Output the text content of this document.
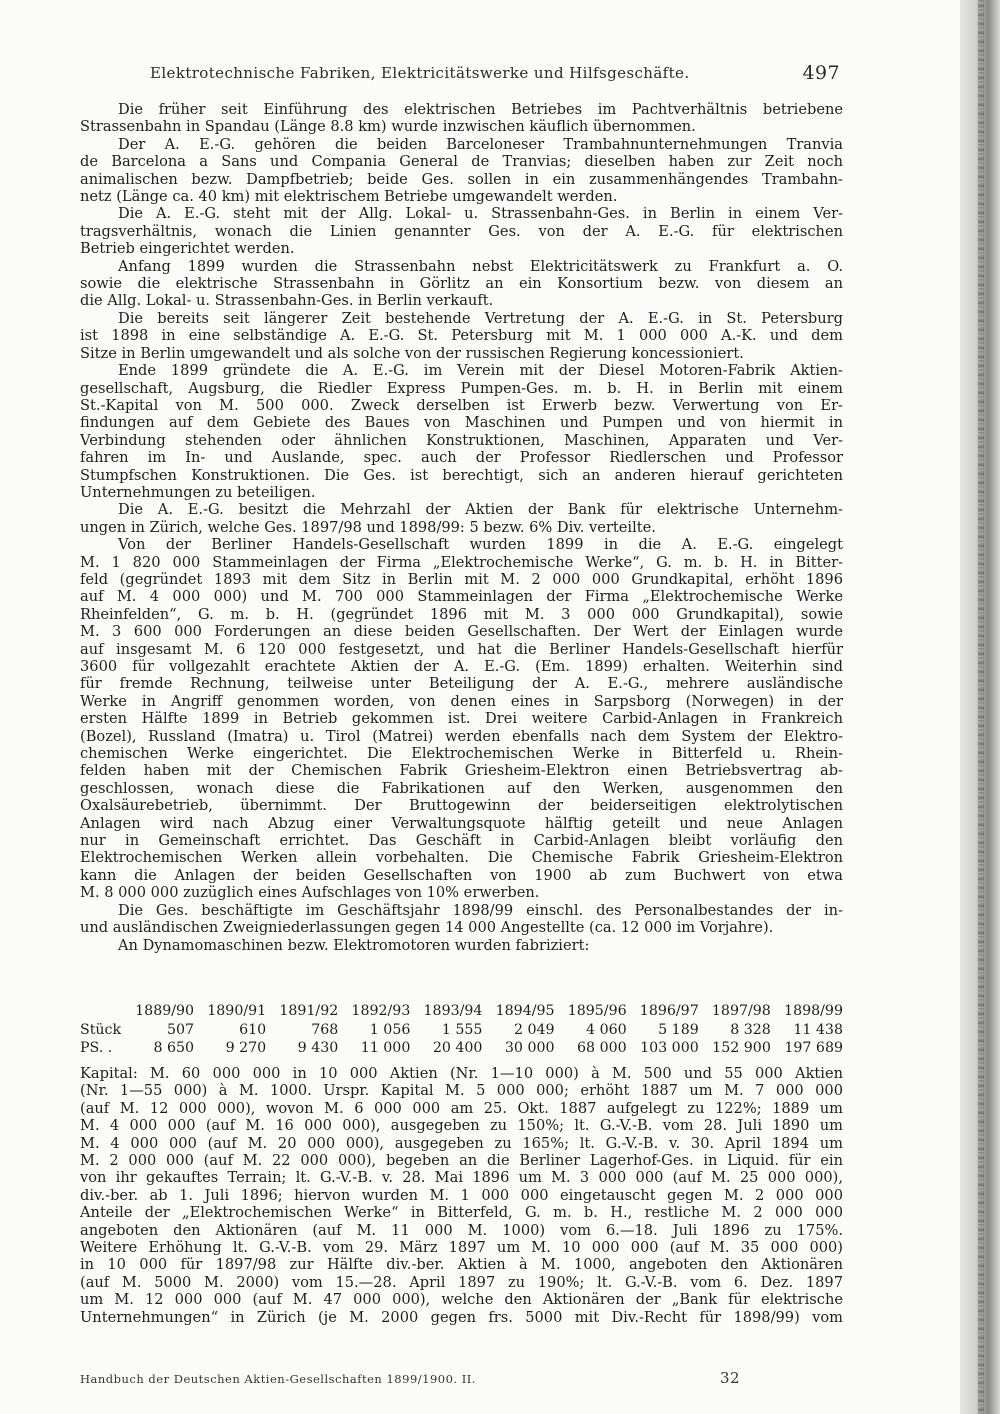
Elektrotechnische Fabriken, Elektricitätswerke und Hilfsgeschäfte.	497
Die früher seit Einführung des elektrischen Betriebes im Pachtverhältnis betriebene
Strassenbahn in Spandau (Länge 8.8 km) wurde inzwischen käuflich übernommen.
Der A. E.-G. gehören die beiden Barceloneser Trambahnunternehmungen Tranvia
de Barcelona a Sans und Compania General de Tranvias; dieselben haben zur Zeit noch
animalischen bezw. Dampfbetrieb; beide Ges. sollen in ein zusammenhängendes Trambahn-
netz (Länge ca. 40 km) mit elektrischem Betriebe umgewandelt werden.
Die A. E.-G. steht mit der Allg. Lokal- u. Strassenbahn-Ges. in Berlin in einem Ver-
tragsverhältnis, wonach die Linien genannter Ges. von der A. E.-G. für elektrischen
Betrieb eingerichtet werden.
Anfang 1899 wurden die Strassenbahn nebst Elektricitätswerk zu Frankfurt a. O.
sowie die elektrische Strassenbahn in Görlitz an ein Konsortium bezw. von diesem an
die Allg. Lokal- u. Strassenbahn-Ges. in Berlin verkauft.
Die bereits seit längerer Zeit bestehende Vertretung der A. E.-G. in St. Petersburg
ist 1898 in eine selbständige A. E.-G. St. Petersburg mit M. 1 000 000 A.-K. und dem
Sitze in Berlin umgewandelt und als solche von der russischen Regierung koncessioniert.
Ende 1899 gründete die A. E.-G. im Verein mit der Diesel Motoren-Fabrik Aktien-
gesellschaft, Augsburg, die Riedler Express Pumpen-Ges. m. b. H. in Berlin mit einem
St.-Kapital von M. 500 000. Zweck derselben ist Erwerb bezw. Verwertung von Er-
findungen auf dem Gebiete des Baues von Maschinen und Pumpen und von hiermit in
Verbindung stehenden oder ähnlichen Konstruktionen, Maschinen, Apparaten und Ver-
fahren im In- und Auslande, spec. auch der Professor Riedlerschen und Professor
Stumpfschen Konstruktionen. Die Ges. ist berechtigt, sich an anderen hierauf gerichteten
Unternehmungen zu beteiligen.
Die A. E.-G. besitzt die Mehrzahl der Aktien der Bank für elektrische Unternehm-
ungen in Zürich, welche Ges. 1897/98 und 1898/99: 5 bezw. 6% Div. verteilte.
Von der Berliner Handels-Gesellschaft wurden 1899 in die A. E.-G. eingelegt
M. 1 820 000 Stammeinlagen der Firma „Elektrochemische Werke“, G. m. b. H. in Bitter-
feld (gegründet 1893 mit dem Sitz in Berlin mit M. 2 000 000 Grundkapital, erhöht 1896
auf M. 4 000 000) und M. 700 000 Stammeinlagen der Firma „Elektrochemische Werke
Rheinfelden“, G. m. b. H. (gegründet 1896 mit M. 3 000 000 Grundkapital), sowie
M. 3 600 000 Forderungen an diese beiden Gesellschaften. Der Wert der Einlagen wurde
auf insgesamt M. 6 120 000 festgesetzt, und hat die Berliner Handels-Gesellschaft hierfür
3600 für vollgezahlt erachtete Aktien der A. E.-G. (Em. 1899) erhalten. Weiterhin sind
für fremde Rechnung, teilweise unter Beteiligung der A. E.-G., mehrere ausländische
Werke in Angriff genommen worden, von denen eines in Sarpsborg (Norwegen) in der
ersten Hälfte 1899 in Betrieb gekommen ist. Drei weitere Carbid-Anlagen in Frankreich
(Bozel), Russland (Imatra) u. Tirol (Matrei) werden ebenfalls nach dem System der Elektro-
chemischen Werke eingerichtet. Die Elektrochemischen Werke in Bitterfeld u. Rhein-
felden haben mit der Chemischen Fabrik Griesheim-Elektron einen Betriebsvertrag ab-
geschlossen, wonach diese die Fabrikationen auf den Werken, ausgenommen den
Oxalsäurebetrieb, übernimmt. Der Bruttogewinn der beiderseitigen elektrolytischen
Anlagen wird nach Abzug einer Verwaltungsquote hälftig geteilt und neue Anlagen
nur in Gemeinschaft errichtet. Das Geschäft in Carbid-Anlagen bleibt vorläufig den
Elektrochemischen Werken allein vorbehalten. Die Chemische Fabrik Griesheim-Elektron
kann die Anlagen der beiden Gesellschaften von 1900 ab zum Buchwert von etwa
M. 8 000 000 zuzüglich eines Aufschlages von 10% erwerben.
Die Ges. beschäftigte im Geschäftsjahr 1898/99 einschl. des Personalbestandes der in-
und ausländischen Zweigniederlassungen gegen 14 000 Angestellte (ca. 12 000 im Vorjahre).
An Dynamomaschinen bezw. Elektromotoren wurden fabriziert:
	1889/90	1890/91	1891/92	1892/93	1893/94	1894/95	1895/96	1896/97	1897/98	1898/99
Stück	507	610	768	1 056	1 555	2 049	4 060	5 189	8 328	11 438
PS. .	8 650	9 270	9 430	11 000	20 400	30 000	68 000	103 000	152 900	197 689
Kapital: M. 60 000 000 in 10 000 Aktien (Nr. 1—10 000) à M. 500 und 55 000 Aktien
(Nr. 1—55 000) à M. 1000. Urspr. Kapital M. 5 000 000; erhöht 1887 um M. 7 000 000
(auf M. 12 000 000), wovon M. 6 000 000 am 25. Okt. 1887 aufgelegt zu 122%; 1889 um
M. 4 000 000 (auf M. 16 000 000), ausgegeben zu 150%; lt. G.-V.-B. vom 28. Juli 1890 um
M. 4 000 000 (auf M. 20 000 000), ausgegeben zu 165%; lt. G.-V.-B. v. 30. April 1894 um
M. 2 000 000 (auf M. 22 000 000), begeben an die Berliner Lagerhof-Ges. in Liquid. für ein
von ihr gekauftes Terrain; lt. G.-V.-B. v. 28. Mai 1896 um M. 3 000 000 (auf M. 25 000 000),
div.-ber. ab 1. Juli 1896; hiervon wurden M. 1 000 000 eingetauscht gegen M. 2 000 000
Anteile der „Elektrochemischen Werke“ in Bitterfeld, G. m. b. H., restliche M. 2 000 000
angeboten den Aktionären (auf M. 11 000 M. 1000) vom 6.—18. Juli 1896 zu 175%.
Weitere Erhöhung lt. G.-V.-B. vom 29. März 1897 um M. 10 000 000 (auf M. 35 000 000)
in 10 000 für 1897/98 zur Hälfte div.-ber. Aktien à M. 1000, angeboten den Aktionären
(auf M. 5000 M. 2000) vom 15.—28. April 1897 zu 190%; lt. G.-V.-B. vom 6. Dez. 1897
um M. 12 000 000 (auf M. 47 000 000), welche den Aktionären der „Bank für elektrische
Unternehmungen“ in Zürich (je M. 2000 gegen frs. 5000 mit Div.-Recht für 1898/99) vom
Handbuch der Deutschen Aktien-Gesellschaften 1899/1900. II.	32
